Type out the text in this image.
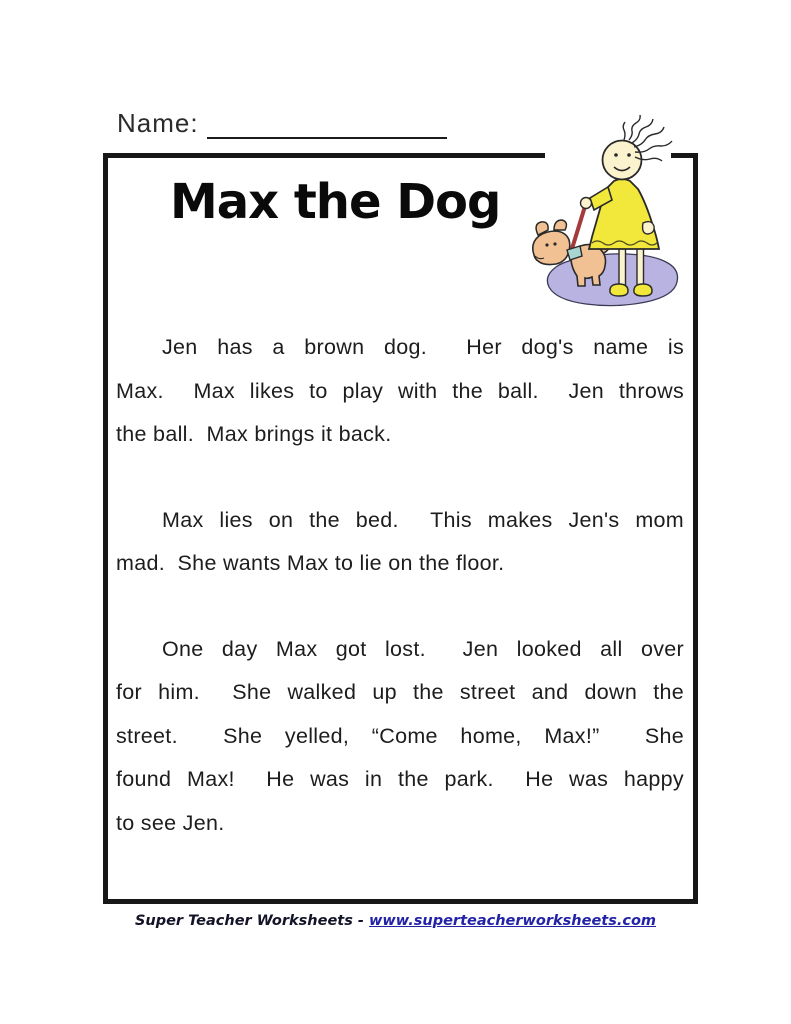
Name:
Max the Dog
Jen has a brown dog.  Her dog's name is
Max.  Max likes to play with the ball.  Jen throws
the ball.  Max brings it back.
Max lies on the bed.  This makes Jen's mom
mad.  She wants Max to lie on the floor.
One day Max got lost.  Jen looked all over
for him.  She walked up the street and down the
street.  She yelled, “Come home, Max!”  She
found Max!  He was in the park.  He was happy
to see Jen.
Super Teacher Worksheets - www.superteacherworksheets.com
